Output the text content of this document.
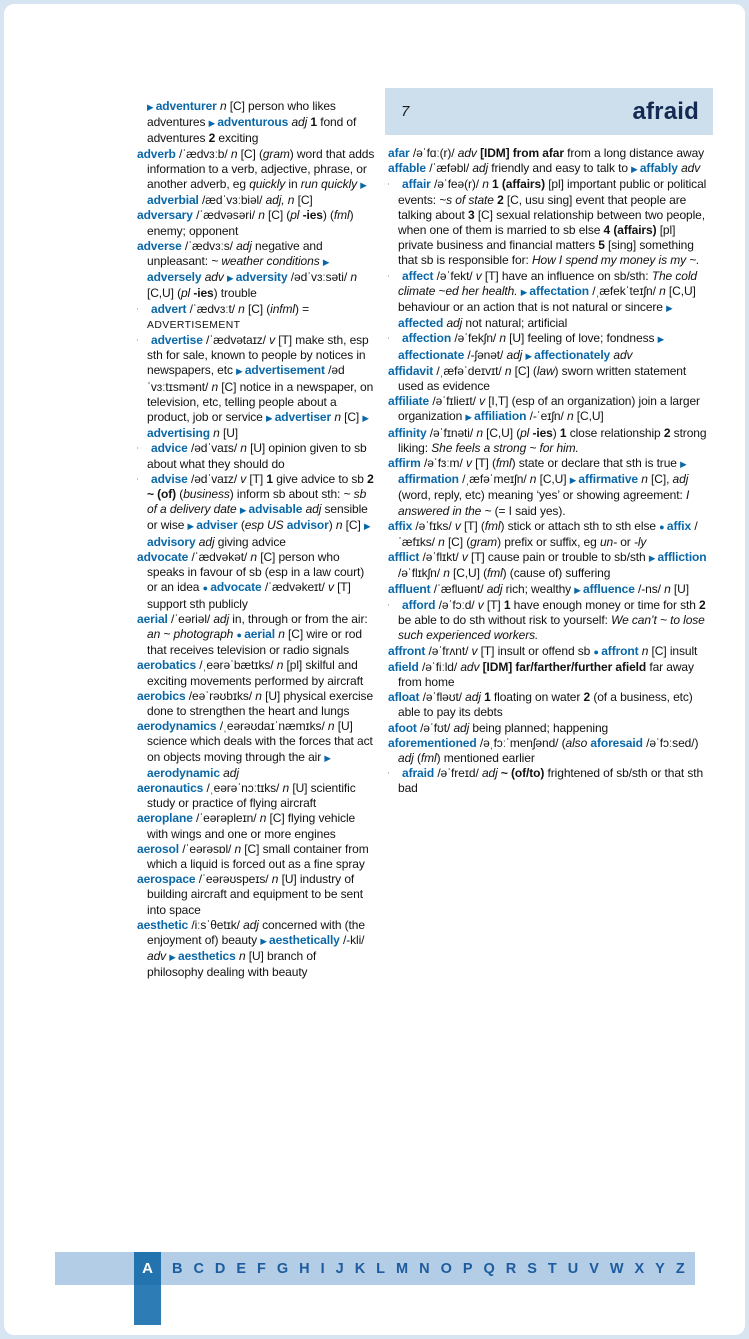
7	afraid
▶ adventurer n [C] person who likes adventures ▶ adventurous adj 1 fond of adventures 2 exciting
adverb /ˈædvɜːb/ n [C] (gram) word that adds information to a verb, adjective, phrase, or another adverb, eg quickly in run quickly ▶ adverbial /ædˈvɜːbiəl/ adj, n [C]
adversary /ˈædvəsəri/ n [C] (pl -ies) (fml) enemy; opponent
adverse /ˈædvɜːs/ adj negative and unpleasant: ~ weather conditions ▶ adversely adv ▶ adversity /ədˈvɜːsəti/ n [C,U] (pl -ies) trouble
advert /ˈædvɜːt/ n [C] (infml) = ADVERTISEMENT
advertise /ˈædvətaɪz/ v [T] make sth, esp sth for sale, known to people by notices in newspapers, etc ▶ advertisement /ədˈvɜːtɪsmənt/ n [C] notice in a newspaper, on television, etc, telling people about a product, job or service ▶ advertiser n [C] ▶ advertising n [U]
advice /ədˈvaɪs/ n [U] opinion given to sb about what they should do
advise /ədˈvaɪz/ v [T] 1 give advice to sb 2 ~ (of) (business) inform sb about sth: ~ sb of a delivery date ▶ advisable adj sensible or wise ▶ adviser (esp US advisor) n [C] ▶ advisory adj giving advice
advocate /ˈædvəkət/ n [C] person who speaks in favour of sb (esp in a law court) or an idea ● advocate /ˈædvəkeɪt/ v [T] support sth publicly
aerial /ˈeəriəl/ adj in, through or from the air: an ~ photograph ● aerial n [C] wire or rod that receives television or radio signals
aerobatics /ˌeərəˈbætɪks/ n [pl] skilful and exciting movements performed by aircraft
aerobics /eəˈrəʊbɪks/ n [U] physical exercise done to strengthen the heart and lungs
aerodynamics /ˌeərəʊdaɪˈnæmɪks/ n [U] science which deals with the forces that act on objects moving through the air ▶ aerodynamic adj
aeronautics /ˌeərəˈnɔːtɪks/ n [U] scientific study or practice of flying aircraft
aeroplane /ˈeərəpleɪn/ n [C] flying vehicle with wings and one or more engines
aerosol /ˈeərəsɒl/ n [C] small container from which a liquid is forced out as a fine spray
aerospace /ˈeərəʊspeɪs/ n [U] industry of building aircraft and equipment to be sent into space
aesthetic /iːsˈθetɪk/ adj concerned with (the enjoyment of) beauty ▶ aesthetically /-kli/ adv ▶ aesthetics n [U] branch of philosophy dealing with beauty
afar /əˈfɑː(r)/ adv [IDM] from afar from a long distance away
affable /ˈæfəbl/ adj friendly and easy to talk to ▶ affably adv
affair /əˈfeə(r)/ n 1 (affairs) [pl] important public or political events: ~s of state 2 [C, usu sing] event that people are talking about 3 [C] sexual relationship between two people, when one of them is married to sb else 4 (affairs) [pl] private business and financial matters 5 [sing] something that sb is responsible for: How I spend my money is my ~.
affect /əˈfekt/ v [T] have an influence on sb/sth: The cold climate ~ed her health. ▶ affectation /ˌæfekˈteɪʃn/ n [C,U] behaviour or an action that is not natural or sincere ▶ affected adj not natural; artificial
affection /əˈfekʃn/ n [U] feeling of love; fondness ▶ affectionate /-ʃənət/ adj ▶ affectionately adv
affidavit /ˌæfəˈdeɪvɪt/ n [C] (law) sworn written statement used as evidence
affiliate /əˈfɪlieɪt/ v [I,T] (esp of an organization) join a larger organization ▶ affiliation /-ˈeɪʃn/ n [C,U]
affinity /əˈfɪnəti/ n [C,U] (pl -ies) 1 close relationship 2 strong liking: She feels a strong ~ for him.
affirm /əˈfɜːm/ v [T] (fml) state or declare that sth is true ▶ affirmation /ˌæfəˈmeɪʃn/ n [C,U] ▶ affirmative n [C], adj (word, reply, etc) meaning ‘yes’ or showing agreement: I answered in the ~ (= I said yes).
affix /əˈfɪks/ v [T] (fml) stick or attach sth to sth else ● affix /ˈæfɪks/ n [C] (gram) prefix or suffix, eg un- or -ly
afflict /əˈflɪkt/ v [T] cause pain or trouble to sb/sth ▶ affliction /əˈflɪkʃn/ n [C,U] (fml) (cause of) suffering
affluent /ˈæfluənt/ adj rich; wealthy ▶ affluence /-ns/ n [U]
afford /əˈfɔːd/ v [T] 1 have enough money or time for sth 2 be able to do sth without risk to yourself: We can’t ~ to lose such experienced workers.
affront /əˈfrʌnt/ v [T] insult or offend sb ● affront n [C] insult
afield /əˈfiːld/ adv [IDM] far/farther/further afield far away from home
afloat /əˈfləʊt/ adj 1 floating on water 2 (of a business, etc) able to pay its debts
afoot /əˈfʊt/ adj being planned; happening
aforementioned /əˌfɔːˈmenʃənd/ (also aforesaid /əˈfɔːsed/) adj (fml) mentioned earlier
afraid /əˈfreɪd/ adj ~ (of/to) frightened of sb/sth or that sth bad
A	B C D E F G H I J K L M N O P Q R S T U V W X Y Z
